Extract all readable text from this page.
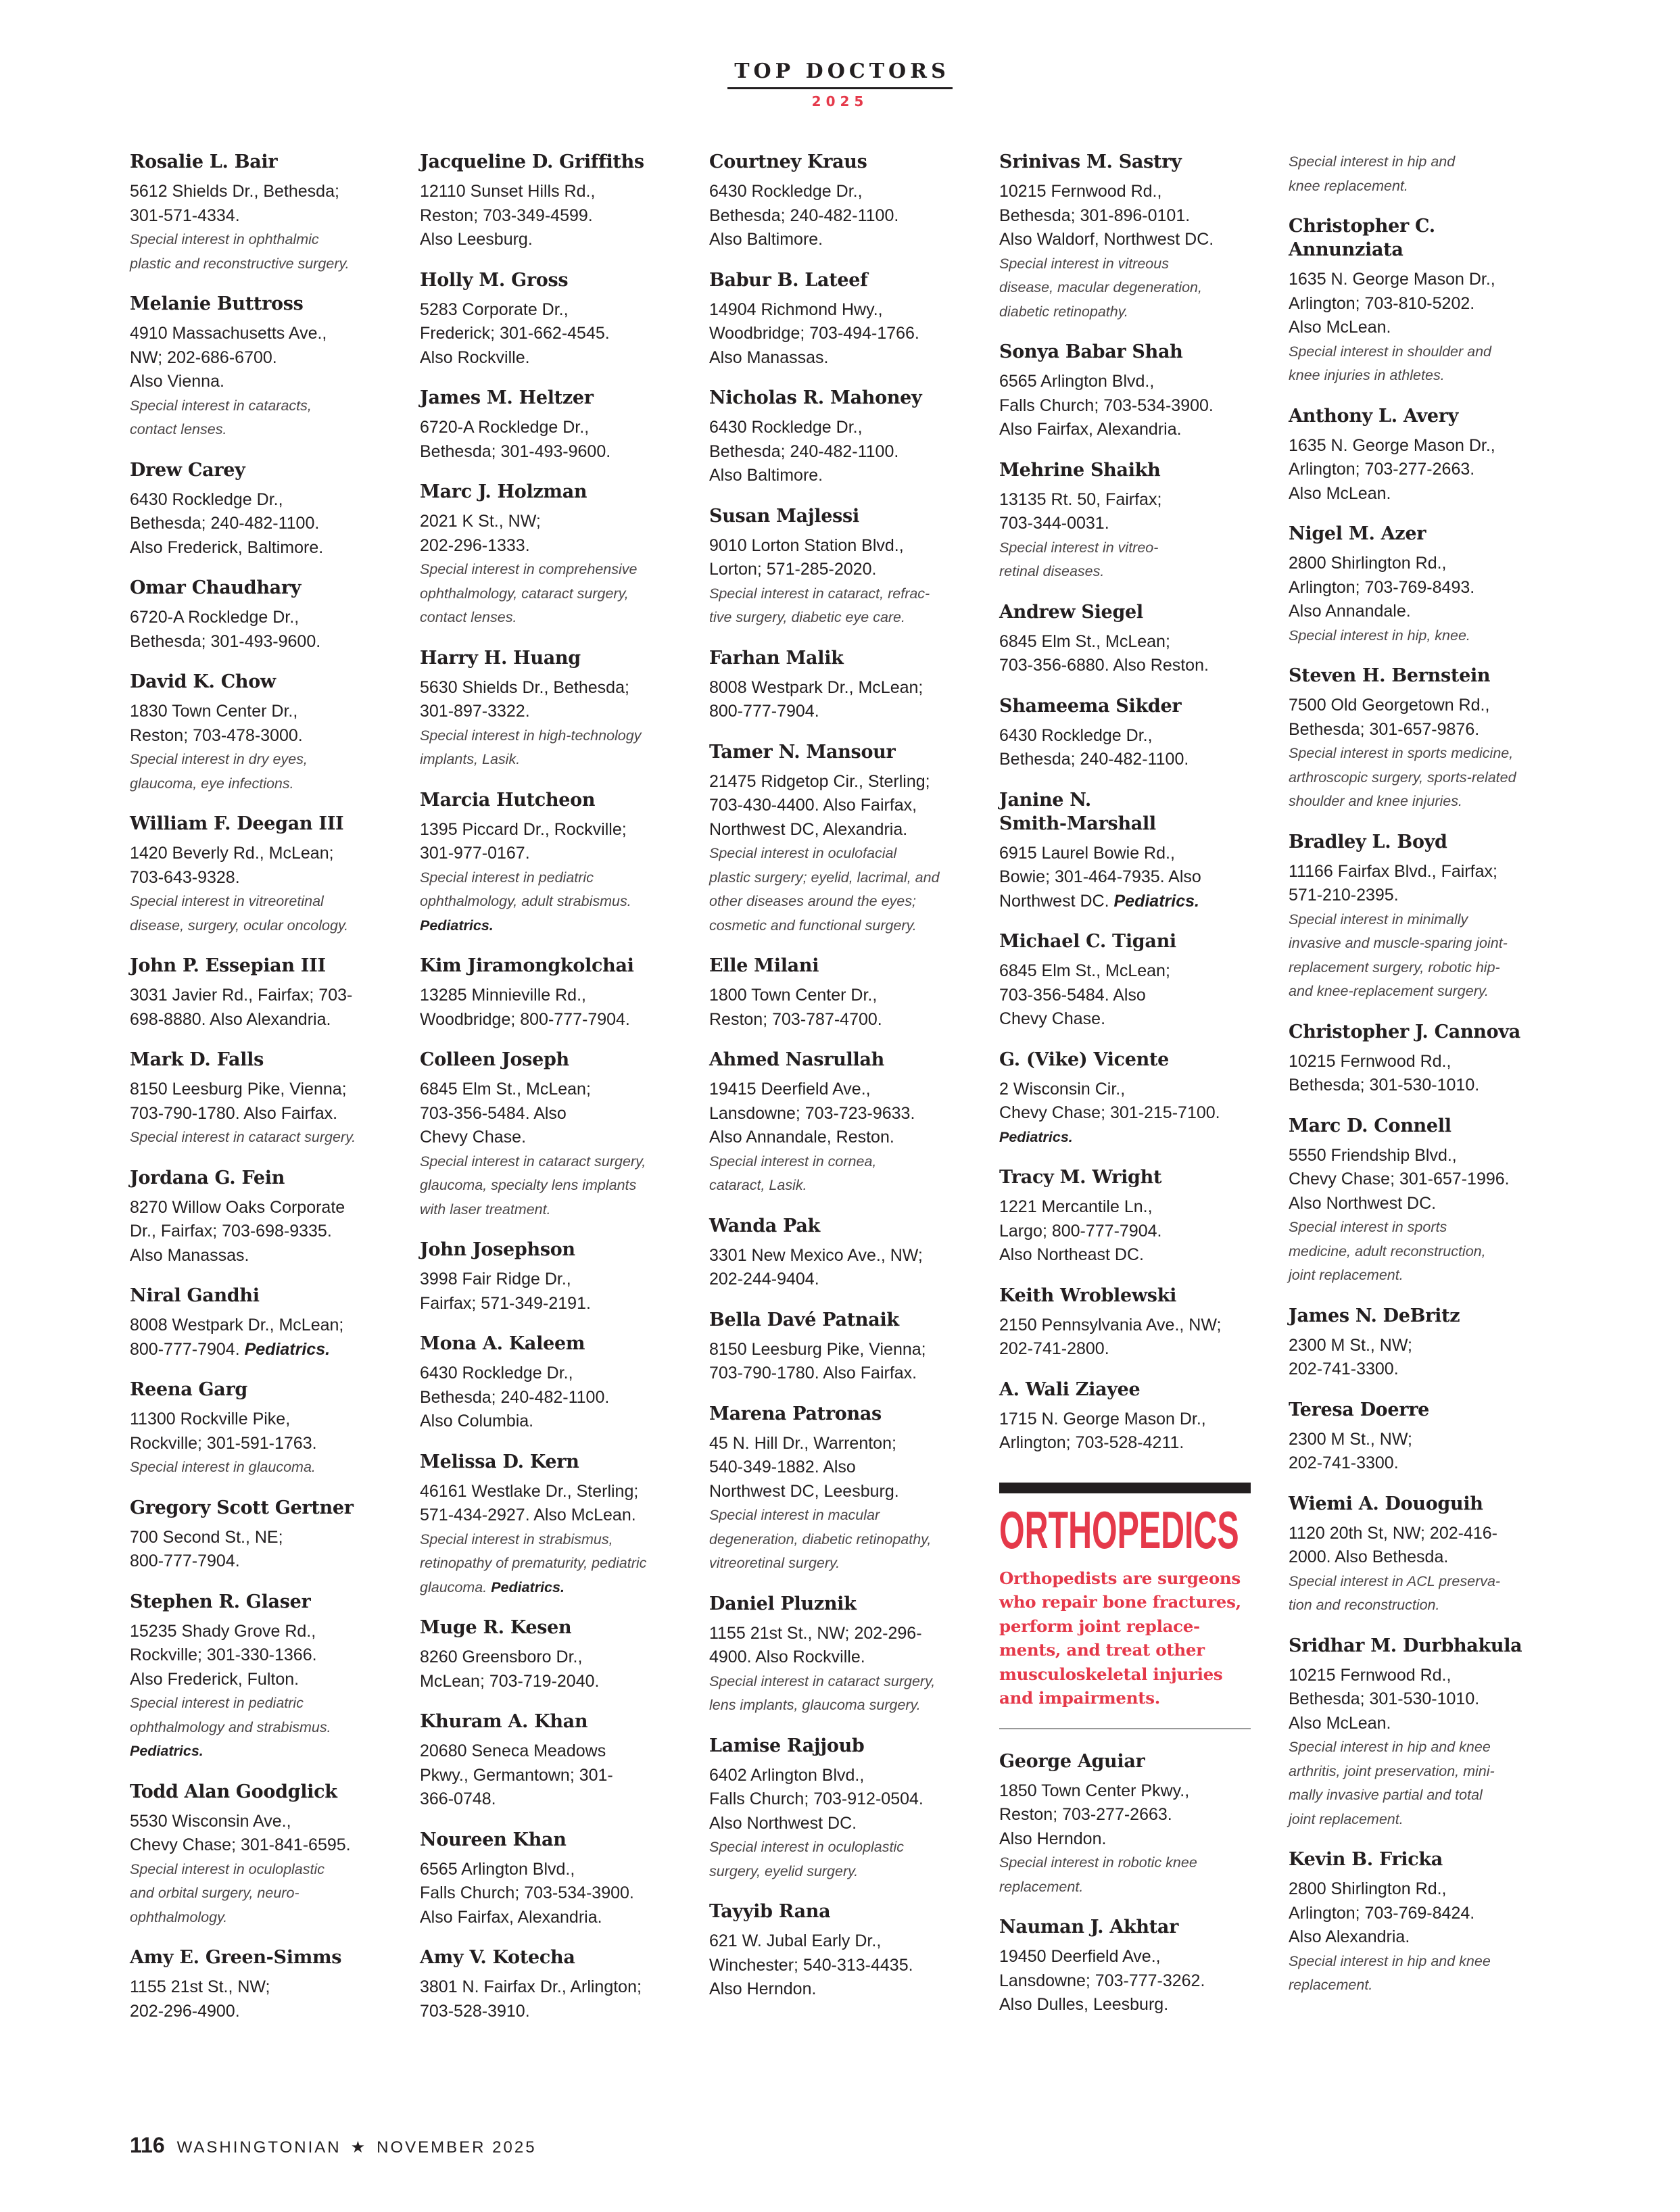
TOP DOCTORS
2025
Rosalie L. Bair
5612 Shields Dr., Bethesda;
301-571-4334.
Special interest in ophthalmic
plastic and reconstructive surgery.
Melanie Buttross
4910 Massachusetts Ave.,
NW; 202-686-6700.
Also Vienna.
Special interest in cataracts,
contact lenses.
Drew Carey
6430 Rockledge Dr.,
Bethesda; 240-482-1100.
Also Frederick, Baltimore.
Omar Chaudhary
6720-A Rockledge Dr.,
Bethesda; 301-493-9600.
David K. Chow
1830 Town Center Dr.,
Reston; 703-478-3000.
Special interest in dry eyes,
glaucoma, eye infections.
William F. Deegan III
1420 Beverly Rd., McLean;
703-643-9328.
Special interest in vitreoretinal
disease, surgery, ocular oncology.
John P. Essepian III
3031 Javier Rd., Fairfax; 703-
698-8880. Also Alexandria.
Mark D. Falls
8150 Leesburg Pike, Vienna;
703-790-1780. Also Fairfax.
Special interest in cataract surgery.
Jordana G. Fein
8270 Willow Oaks Corporate
Dr., Fairfax; 703-698-9335.
Also Manassas.
Niral Gandhi
8008 Westpark Dr., McLean;
800-777-7904. Pediatrics.
Reena Garg
11300 Rockville Pike,
Rockville; 301-591-1763.
Special interest in glaucoma.
Gregory Scott Gertner
700 Second St., NE;
800-777-7904.
Stephen R. Glaser
15235 Shady Grove Rd.,
Rockville; 301-330-1366.
Also Frederick, Fulton.
Special interest in pediatric
ophthalmology and strabismus.
Pediatrics.
Todd Alan Goodglick
5530 Wisconsin Ave.,
Chevy Chase; 301-841-6595.
Special interest in oculoplastic
and orbital surgery, neuro-
ophthalmology.
Amy E. Green-Simms
1155 21st St., NW;
202-296-4900.
Jacqueline D. Griffiths
12110 Sunset Hills Rd.,
Reston; 703-349-4599.
Also Leesburg.
Holly M. Gross
5283 Corporate Dr.,
Frederick; 301-662-4545.
Also Rockville.
James M. Heltzer
6720-A Rockledge Dr.,
Bethesda; 301-493-9600.
Marc J. Holzman
2021 K St., NW;
202-296-1333.
Special interest in comprehensive
ophthalmology, cataract surgery,
contact lenses.
Harry H. Huang
5630 Shields Dr., Bethesda;
301-897-3322.
Special interest in high-technology
implants, Lasik.
Marcia Hutcheon
1395 Piccard Dr., Rockville;
301-977-0167.
Special interest in pediatric
ophthalmology, adult strabismus.
Pediatrics.
Kim Jiramongkolchai
13285 Minnieville Rd.,
Woodbridge; 800-777-7904.
Colleen Joseph
6845 Elm St., McLean;
703-356-5484. Also
Chevy Chase.
Special interest in cataract surgery,
glaucoma, specialty lens implants
with laser treatment.
John Josephson
3998 Fair Ridge Dr.,
Fairfax; 571-349-2191.
Mona A. Kaleem
6430 Rockledge Dr.,
Bethesda; 240-482-1100.
Also Columbia.
Melissa D. Kern
46161 Westlake Dr., Sterling;
571-434-2927. Also McLean.
Special interest in strabismus,
retinopathy of prematurity, pediatric
glaucoma. Pediatrics.
Muge R. Kesen
8260 Greensboro Dr.,
McLean; 703-719-2040.
Khuram A. Khan
20680 Seneca Meadows
Pkwy., Germantown; 301-
366-0748.
Noureen Khan
6565 Arlington Blvd.,
Falls Church; 703-534-3900.
Also Fairfax, Alexandria.
Amy V. Kotecha
3801 N. Fairfax Dr., Arlington;
703-528-3910.
Courtney Kraus
6430 Rockledge Dr.,
Bethesda; 240-482-1100.
Also Baltimore.
Babur B. Lateef
14904 Richmond Hwy.,
Woodbridge; 703-494-1766.
Also Manassas.
Nicholas R. Mahoney
6430 Rockledge Dr.,
Bethesda; 240-482-1100.
Also Baltimore.
Susan Majlessi
9010 Lorton Station Blvd.,
Lorton; 571-285-2020.
Special interest in cataract, refrac-
tive surgery, diabetic eye care.
Farhan Malik
8008 Westpark Dr., McLean;
800-777-7904.
Tamer N. Mansour
21475 Ridgetop Cir., Sterling;
703-430-4400. Also Fairfax,
Northwest DC, Alexandria.
Special interest in oculofacial
plastic surgery; eyelid, lacrimal, and
other diseases around the eyes;
cosmetic and functional surgery.
Elle Milani
1800 Town Center Dr.,
Reston; 703-787-4700.
Ahmed Nasrullah
19415 Deerfield Ave.,
Lansdowne; 703-723-9633.
Also Annandale, Reston.
Special interest in cornea,
cataract, Lasik.
Wanda Pak
3301 New Mexico Ave., NW;
202-244-9404.
Bella Davé Patnaik
8150 Leesburg Pike, Vienna;
703-790-1780. Also Fairfax.
Marena Patronas
45 N. Hill Dr., Warrenton;
540-349-1882. Also
Northwest DC, Leesburg.
Special interest in macular
degeneration, diabetic retinopathy,
vitreoretinal surgery.
Daniel Pluznik
1155 21st St., NW; 202-296-
4900. Also Rockville.
Special interest in cataract surgery,
lens implants, glaucoma surgery.
Lamise Rajjoub
6402 Arlington Blvd.,
Falls Church; 703-912-0504.
Also Northwest DC.
Special interest in oculoplastic
surgery, eyelid surgery.
Tayyib Rana
621 W. Jubal Early Dr.,
Winchester; 540-313-4435.
Also Herndon.
Srinivas M. Sastry
10215 Fernwood Rd.,
Bethesda; 301-896-0101.
Also Waldorf, Northwest DC.
Special interest in vitreous
disease, macular degeneration,
diabetic retinopathy.
Sonya Babar Shah
6565 Arlington Blvd.,
Falls Church; 703-534-3900.
Also Fairfax, Alexandria.
Mehrine Shaikh
13135 Rt. 50, Fairfax;
703-344-0031.
Special interest in vitreo-
retinal diseases.
Andrew Siegel
6845 Elm St., McLean;
703-356-6880. Also Reston.
Shameema Sikder
6430 Rockledge Dr.,
Bethesda; 240-482-1100.
Janine N.
Smith-Marshall
6915 Laurel Bowie Rd.,
Bowie; 301-464-7935. Also
Northwest DC. Pediatrics.
Michael C. Tigani
6845 Elm St., McLean;
703-356-5484. Also
Chevy Chase.
G. (Vike) Vicente
2 Wisconsin Cir.,
Chevy Chase; 301-215-7100.
Pediatrics.
Tracy M. Wright
1221 Mercantile Ln.,
Largo; 800-777-7904.
Also Northeast DC.
Keith Wroblewski
2150 Pennsylvania Ave., NW;
202-741-2800.
A. Wali Ziayee
1715 N. George Mason Dr.,
Arlington; 703-528-4211.
ORTHOPEDICS
Orthopedists are surgeons
who repair bone fractures,
perform joint replace-
ments, and treat other
musculoskeletal injuries
and impairments.
George Aguiar
1850 Town Center Pkwy.,
Reston; 703-277-2663.
Also Herndon.
Special interest in robotic knee
replacement.
Nauman J. Akhtar
19450 Deerfield Ave.,
Lansdowne; 703-777-3262.
Also Dulles, Leesburg.
Special interest in hip and
knee replacement.
Christopher C.
Annunziata
1635 N. George Mason Dr.,
Arlington; 703-810-5202.
Also McLean.
Special interest in shoulder and
knee injuries in athletes.
Anthony L. Avery
1635 N. George Mason Dr.,
Arlington; 703-277-2663.
Also McLean.
Nigel M. Azer
2800 Shirlington Rd.,
Arlington; 703-769-8493.
Also Annandale.
Special interest in hip, knee.
Steven H. Bernstein
7500 Old Georgetown Rd.,
Bethesda; 301-657-9876.
Special interest in sports medicine,
arthroscopic surgery, sports-related
shoulder and knee injuries.
Bradley L. Boyd
11166 Fairfax Blvd., Fairfax;
571-210-2395.
Special interest in minimally
invasive and muscle-sparing joint-
replacement surgery, robotic hip-
and knee-replacement surgery.
Christopher J. Cannova
10215 Fernwood Rd.,
Bethesda; 301-530-1010.
Marc D. Connell
5550 Friendship Blvd.,
Chevy Chase; 301-657-1996.
Also Northwest DC.
Special interest in sports
medicine, adult reconstruction,
joint replacement.
James N. DeBritz
2300 M St., NW;
202-741-3300.
Teresa Doerre
2300 M St., NW;
202-741-3300.
Wiemi A. Douoguih
1120 20th St, NW; 202-416-
2000. Also Bethesda.
Special interest in ACL preserva-
tion and reconstruction.
Sridhar M. Durbhakula
10215 Fernwood Rd.,
Bethesda; 301-530-1010.
Also McLean.
Special interest in hip and knee
arthritis, joint preservation, mini-
mally invasive partial and total
joint replacement.
Kevin B. Fricka
2800 Shirlington Rd.,
Arlington; 703-769-8424.
Also Alexandria.
Special interest in hip and knee
replacement.
116 WASHINGTONIAN ★ NOVEMBER 2025
